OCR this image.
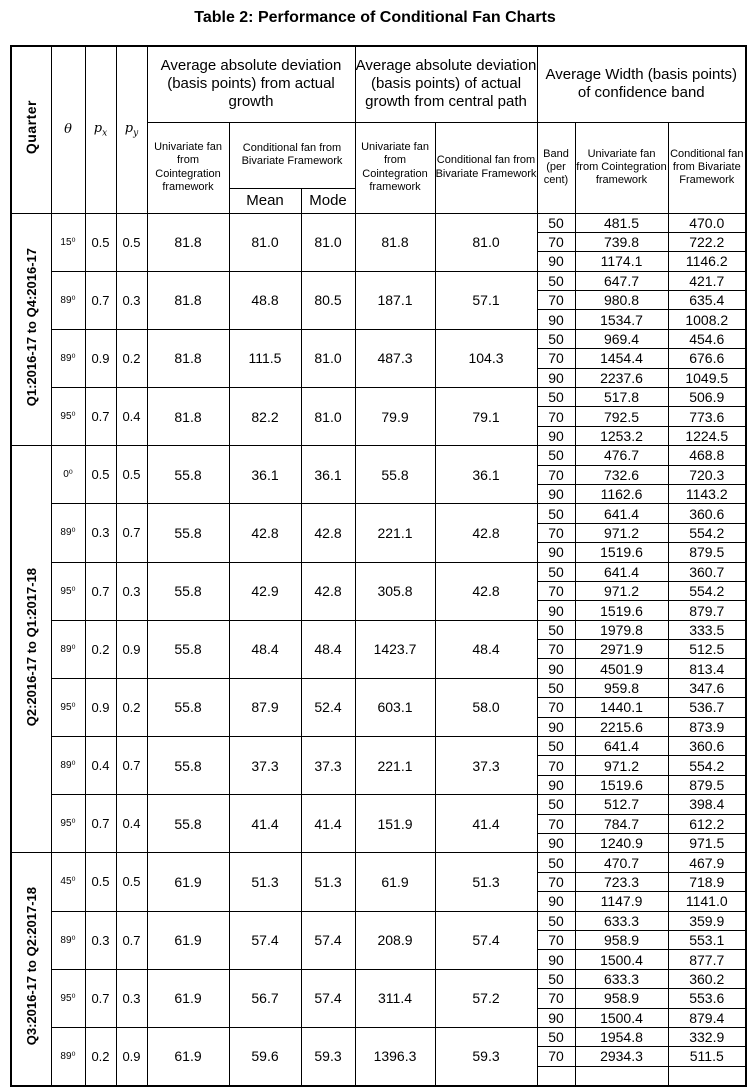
Table 2: Performance of Conditional Fan Charts
Quarter	θ	$p_x$	$p_y$	Average absolute deviation (basis points) from actual growth			Average absolute deviation (basis points) of actual growth from central path		Average Width (basis points) of confidence band		
				Univariate fan from Cointegration framework	Conditional fan from Bivariate Framework		Univariate fan from Cointegration framework	Conditional fan from Bivariate Framework	Band (per cent)	Univariate fan from Cointegration framework	Conditional fan from Bivariate Framework
					Mean	Mode					
Q1:2016-17 to Q4:2016-17	15⁰	0.5	0.5	81.8	81.0	81.0	81.8	81.0	50	481.5	470.0
									70	739.8	722.2
									90	1174.1	1146.2
	89⁰	0.7	0.3	81.8	48.8	80.5	187.1	57.1	50	647.7	421.7
									70	980.8	635.4
									90	1534.7	1008.2
	89⁰	0.9	0.2	81.8	111.5	81.0	487.3	104.3	50	969.4	454.6
									70	1454.4	676.6
									90	2237.6	1049.5
	95⁰	0.7	0.4	81.8	82.2	81.0	79.9	79.1	50	517.8	506.9
									70	792.5	773.6
									90	1253.2	1224.5
Q2:2016-17 to Q1:2017-18	0⁰	0.5	0.5	55.8	36.1	36.1	55.8	36.1	50	476.7	468.8
									70	732.6	720.3
									90	1162.6	1143.2
	89⁰	0.3	0.7	55.8	42.8	42.8	221.1	42.8	50	641.4	360.6
									70	971.2	554.2
									90	1519.6	879.5
	95⁰	0.7	0.3	55.8	42.9	42.8	305.8	42.8	50	641.4	360.7
									70	971.2	554.2
									90	1519.6	879.7
	89⁰	0.2	0.9	55.8	48.4	48.4	1423.7	48.4	50	1979.8	333.5
									70	2971.9	512.5
									90	4501.9	813.4
	95⁰	0.9	0.2	55.8	87.9	52.4	603.1	58.0	50	959.8	347.6
									70	1440.1	536.7
									90	2215.6	873.9
	89⁰	0.4	0.7	55.8	37.3	37.3	221.1	37.3	50	641.4	360.6
									70	971.2	554.2
									90	1519.6	879.5
	95⁰	0.7	0.4	55.8	41.4	41.4	151.9	41.4	50	512.7	398.4
									70	784.7	612.2
									90	1240.9	971.5
Q3:2016-17 to Q2:2017-18	45⁰	0.5	0.5	61.9	51.3	51.3	61.9	51.3	50	470.7	467.9
									70	723.3	718.9
									90	1147.9	1141.0
	89⁰	0.3	0.7	61.9	57.4	57.4	208.9	57.4	50	633.3	359.9
									70	958.9	553.1
									90	1500.4	877.7
	95⁰	0.7	0.3	61.9	56.7	57.4	311.4	57.2	50	633.3	360.2
									70	958.9	553.6
									90	1500.4	879.4
	89⁰	0.2	0.9	61.9	59.6	59.3	1396.3	59.3	50	1954.8	332.9
									70	2934.3	511.5
